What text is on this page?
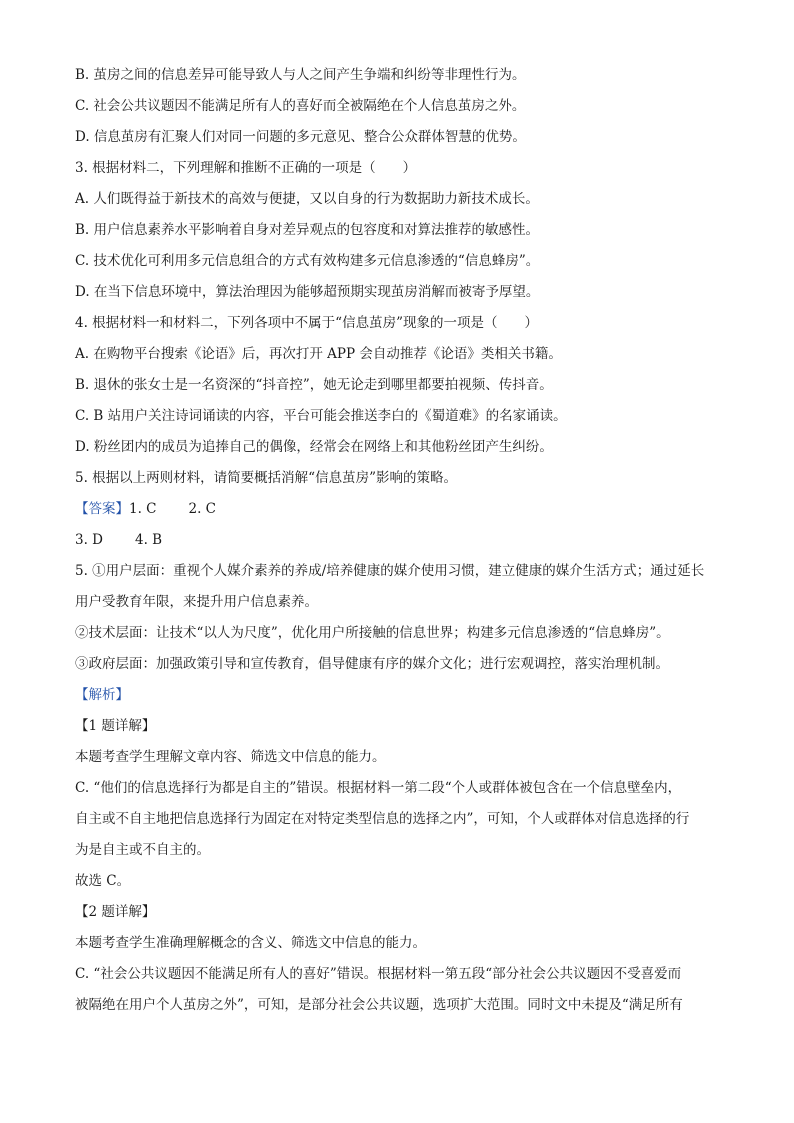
B. 茧房之间的信息差异可能导致人与人之间产生争端和纠纷等非理性行为。
C. 社会公共议题因不能满足所有人的喜好而全被隔绝在个人信息茧房之外。
D. 信息茧房有汇聚人们对同一问题的多元意见、整合公众群体智慧的优势。
3. 根据材料二，下列理解和推断不正确的一项是（　　）
A. 人们既得益于新技术的高效与便捷，又以自身的行为数据助力新技术成长。
B. 用户信息素养水平影响着自身对差异观点的包容度和对算法推荐的敏感性。
C. 技术优化可利用多元信息组合的方式有效构建多元信息渗透的“信息蜂房”。
D. 在当下信息环境中，算法治理因为能够超预期实现茧房消解而被寄予厚望。
4. 根据材料一和材料二，下列各项中不属于“信息茧房”现象的一项是（　　）
A. 在购物平台搜索《论语》后，再次打开 APP 会自动推荐《论语》类相关书籍。
B. 退休的张女士是一名资深的“抖音控”，她无论走到哪里都要拍视频、传抖音。
C. B 站用户关注诗词诵读的内容，平台可能会推送李白的《蜀道难》的名家诵读。
D. 粉丝团内的成员为追捧自己的偶像，经常会在网络上和其他粉丝团产生纠纷。
5. 根据以上两则材料，请简要概括消解“信息茧房”影响的策略。
【答案】1. C 2. C
3. D 4. B
5. ①用户层面：重视个人媒介素养的养成/培养健康的媒介使用习惯，建立健康的媒介生活方式；通过延长
用户受教育年限，来提升用户信息素养。
②技术层面：让技术“以人为尺度”，优化用户所接触的信息世界；构建多元信息渗透的“信息蜂房”。
③政府层面：加强政策引导和宣传教育，倡导健康有序的媒介文化；进行宏观调控，落实治理机制。
【解析】
【1 题详解】
本题考查学生理解文章内容、筛选文中信息的能力。
C. “他们的信息选择行为都是自主的”错误。根据材料一第二段“个人或群体被包含在一个信息壁垒内，
自主或不自主地把信息选择行为固定在对特定类型信息的选择之内”，可知，个人或群体对信息选择的行
为是自主或不自主的。
故选 C。
【2 题详解】
本题考查学生准确理解概念的含义、筛选文中信息的能力。
C. “社会公共议题因不能满足所有人的喜好”错误。根据材料一第五段“部分社会公共议题因不受喜爱而
被隔绝在用户个人茧房之外”，可知，是部分社会公共议题，选项扩大范围。同时文中未提及“满足所有
